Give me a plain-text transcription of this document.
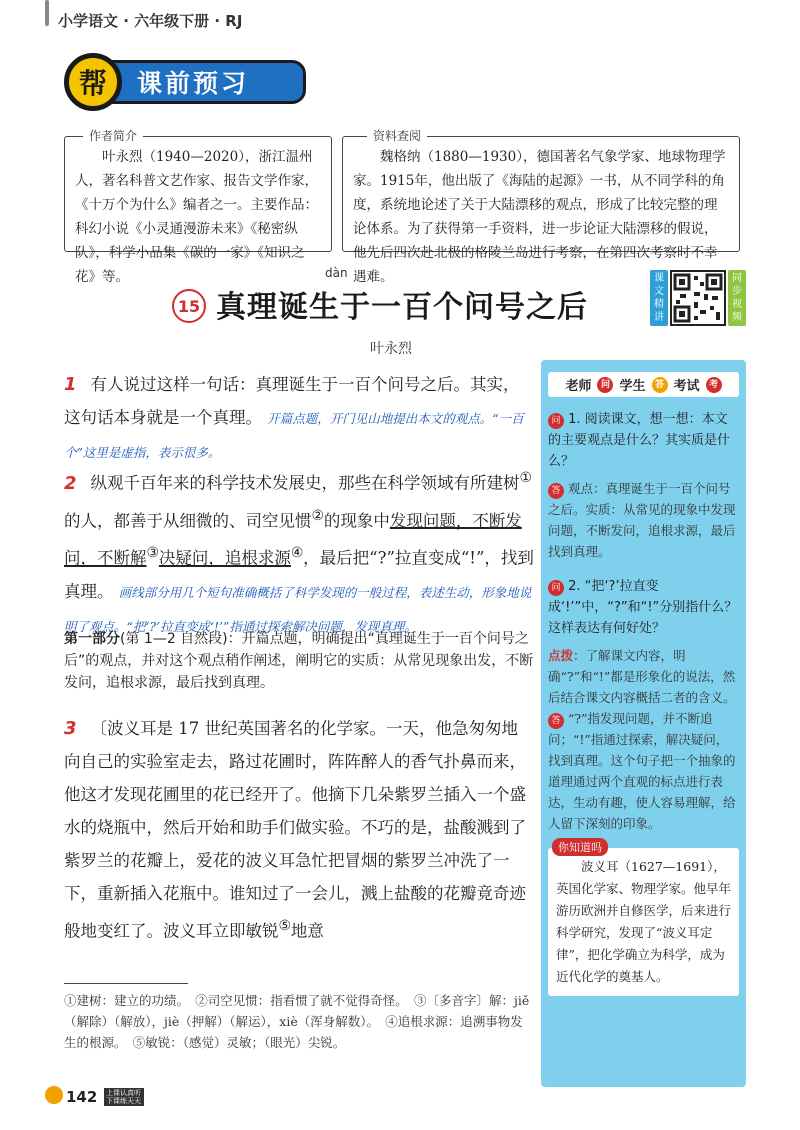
小学语文 · 六年级下册 · RJ
帮	课前预习
作者简介

叶永烈（1940—2020），浙江温州人，著名科普文艺作家、报告文学作家，《十万个为什么》编者之一。主要作品：科幻小说《小灵通漫游未来》《秘密纵队》，科学小品集《碳的一家》《知识之花》等。

资料查阅

魏格纳（1880—1930），德国著名气象学家、地球物理学家。1915年，他出版了《海陆的起源》一书，从不同学科的角度，系统地论述了关于大陆漂移的观点，形成了比较完整的理论体系。为了获得第一手资料，进一步论证大陆漂移的假说，他先后四次赴北极的格陵兰岛进行考察，在第四次考察时不幸遇难。

15
dàn
真理诞生于一百个问号之后
叶永烈
课文精讲
同步视频
1 有人说过这样一句话：真理诞生于一百个问号之后。其实，这句话本身就是一个真理。 开篇点题，开门见山地提出本文的观点。“一百个”这里是虚指，表示很多。
2 纵观千百年来的科学技术发展史，那些在科学领域有所建树①的人，都善于从细微的、司空见惯②的现象中发现问题，不断发问，不断解③决疑问，追根求源④，最后把“?”拉直变成“!”，找到真理。 画线部分用几个短句准确概括了科学发现的一般过程，表述生动，形象地说明了观点。“把‘?’拉直变成‘!’”指通过探索解决问题，发现真理。
第一部分(第 1—2 自然段)：开篇点题，明确提出“真理诞生于一百个问号之后”的观点，并对这个观点稍作阐述，阐明它的实质：从常见现象出发，不断发问，追根求源，最后找到真理。
3 〔波义耳是 17 世纪英国著名的化学家。一天，他急匆匆地向自己的实验室走去，路过花圃时，阵阵醉人的香气扑鼻而来，他这才发现花圃里的花已经开了。他摘下几朵紫罗兰插入一个盛水的烧瓶中，然后开始和助手们做实验。不巧的是，盐酸溅到了紫罗兰的花瓣上，爱花的波义耳急忙把冒烟的紫罗兰冲洗了一下，重新插入花瓶中。谁知过了一会儿，溅上盐酸的花瓣竟奇迹般地变红了。波义耳立即敏锐⑤地意
①建树：建立的功绩。　②司空见惯：指看惯了就不觉得奇怪。　③〔多音字〕解：jiě（解除）（解放），jiè（押解）（解运），xiè（浑身解数）。　④追根求源：追溯事物发生的根源。　⑤敏锐：（感觉）灵敏；（眼光）尖锐。
142 上课认真听 下课练天天
老师	问 学生	答 考试	考
问 1. 阅读课文，想一想：本文的主要观点是什么？其实质是什么？
答 观点：真理诞生于一百个问号之后。实质：从常见的现象中发现问题，不断发问，追根求源，最后找到真理。
问 2. “把‘?’拉直变成‘!’”中，“?”和“!”分别指什么？这样表达有何好处？
点拨：了解课文内容，明确“?”和“!”都是形象化的说法，然后结合课文内容概括二者的含义。
答 “?”指发现问题，并不断追问；“!”指通过探索，解决疑问，找到真理。这个句子把一个抽象的道理通过两个直观的标点进行表达，生动有趣，使人容易理解，给人留下深刻的印象。
你知道吗

波义耳（1627—1691），英国化学家、物理学家。他早年游历欧洲并自修医学，后来进行科学研究，发现了“波义耳定律”，把化学确立为科学，成为近代化学的奠基人。
